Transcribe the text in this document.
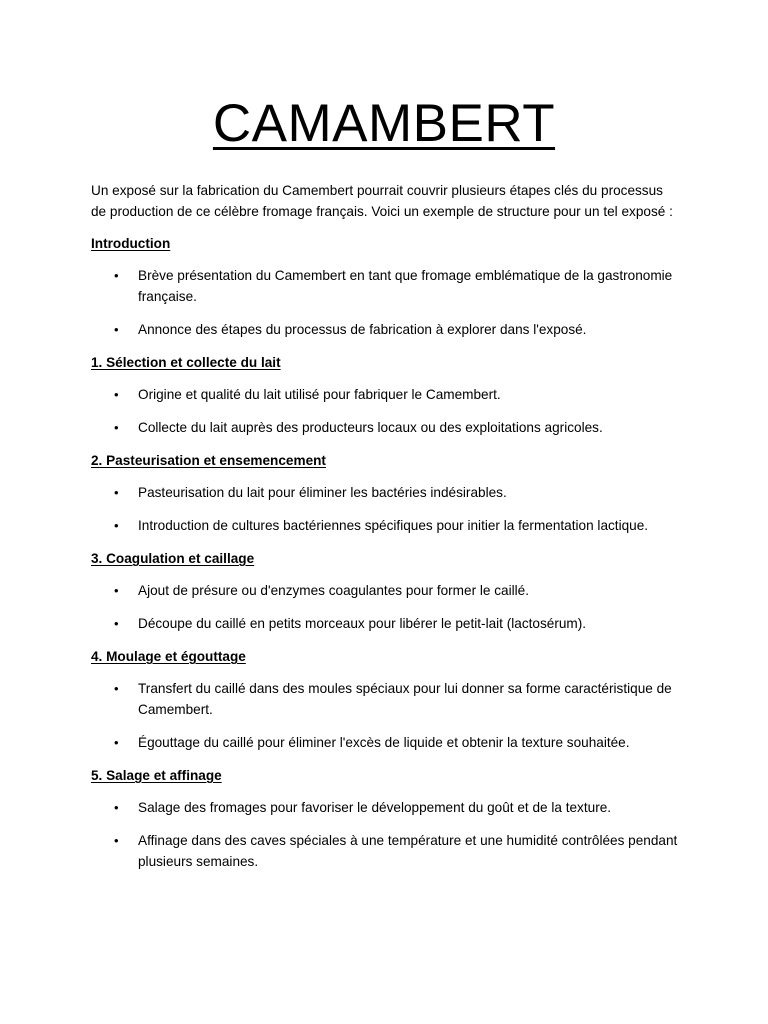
CAMAMBERT

Un exposé sur la fabrication du Camembert pourrait couvrir plusieurs étapes clés du processus de production de ce célèbre fromage français. Voici un exemple de structure pour un tel exposé :

Introduction

• Brève présentation du Camembert en tant que fromage emblématique de la gastronomie française.
• Annonce des étapes du processus de fabrication à explorer dans l'exposé.

1. Sélection et collecte du lait

• Origine et qualité du lait utilisé pour fabriquer le Camembert.
• Collecte du lait auprès des producteurs locaux ou des exploitations agricoles.

2. Pasteurisation et ensemencement

• Pasteurisation du lait pour éliminer les bactéries indésirables.
• Introduction de cultures bactériennes spécifiques pour initier la fermentation lactique.

3. Coagulation et caillage

• Ajout de présure ou d'enzymes coagulantes pour former le caillé.
• Découpe du caillé en petits morceaux pour libérer le petit-lait (lactosérum).

4. Moulage et égouttage

• Transfert du caillé dans des moules spéciaux pour lui donner sa forme caractéristique de Camembert.
• Égouttage du caillé pour éliminer l'excès de liquide et obtenir la texture souhaitée.

5. Salage et affinage

• Salage des fromages pour favoriser le développement du goût et de la texture.
• Affinage dans des caves spéciales à une température et une humidité contrôlées pendant plusieurs semaines.
